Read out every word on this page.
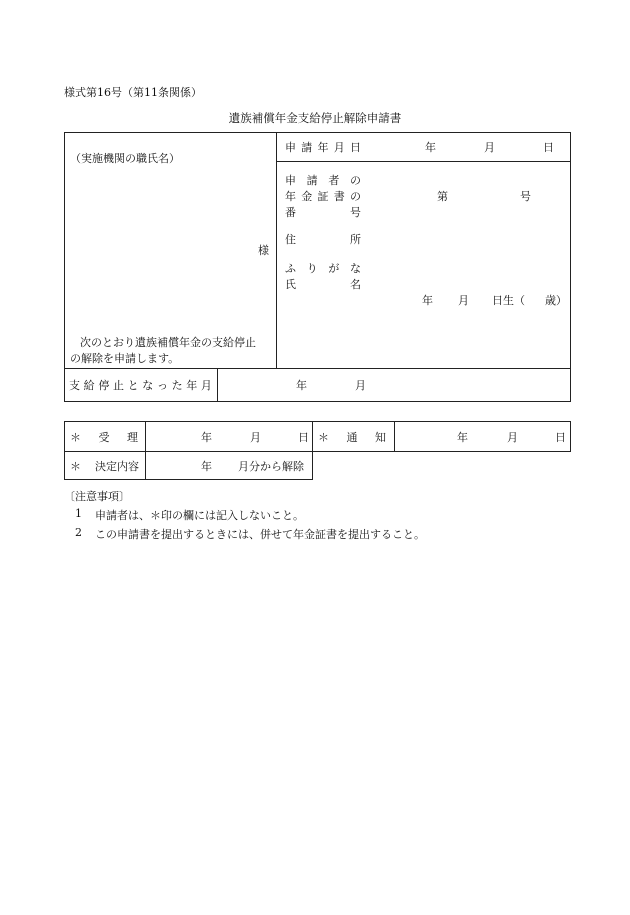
様式第16号（第11条関係）
遺族補償年金支給停止解除申請書
（実施機関の職氏名）
様
次のとおり遺族補償年金の支給停止
の解除を申請します。
申 請 年 月 日	年	月	日
申 請 者 の
年 金 証 書 の
番	号
第	号
住	所
ふ り が な
氏	名
年 月 日生（ 歳）
支 給 停 止 と な っ た 年 月	年	月
＊ 受 理	年	月	日 ＊ 通 知	年	月	日
＊ 決定内容	年 月分から解除
〔注意事項〕
1 申請者は、＊印の欄には記入しないこと。
2 この申請書を提出するときには、併せて年金証書を提出すること。
